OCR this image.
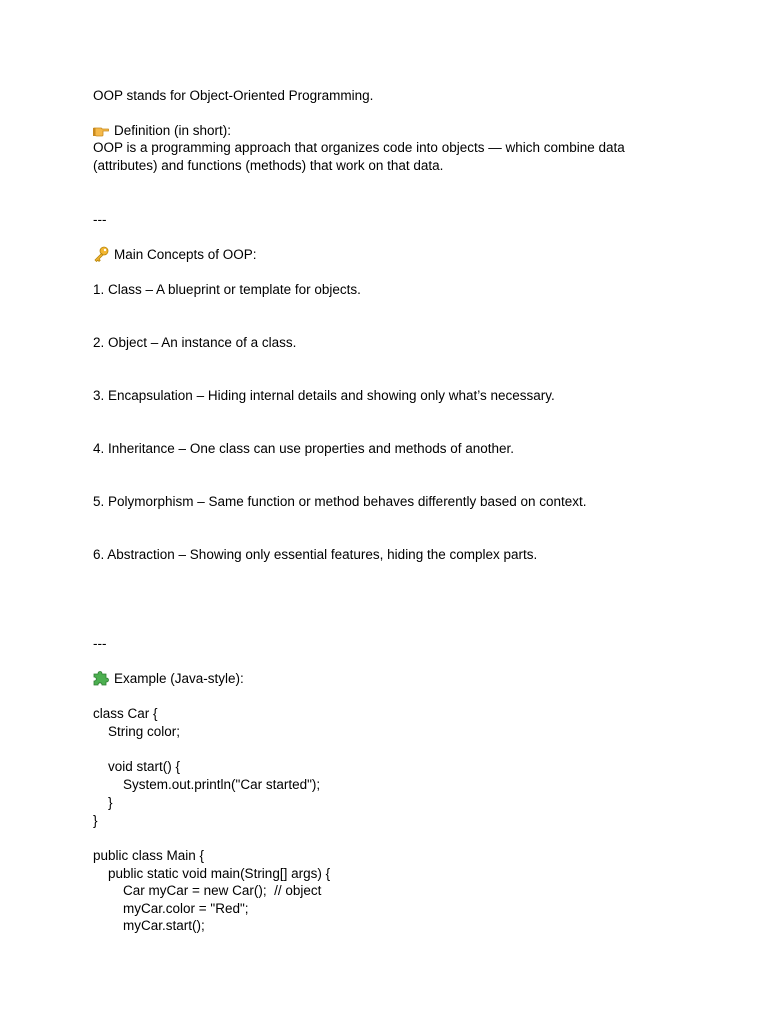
OOP stands for Object-Oriented Programming.

Definition (in short):

OOP is a programming approach that organizes code into objects — which combine data

(attributes) and functions (methods) that work on that data.

---

Main Concepts of OOP:

1. Class – A blueprint or template for objects.

2. Object – An instance of a class.

3. Encapsulation – Hiding internal details and showing only what’s necessary.

4. Inheritance – One class can use properties and methods of another.

5. Polymorphism – Same function or method behaves differently based on context.

6. Abstraction – Showing only essential features, hiding the complex parts.

---

Example (Java-style):

class Car {

String color;

void start() {

System.out.println("Car started");

}

}

public class Main {

public static void main(String[] args) {

Car myCar = new Car();  // object

myCar.color = "Red";

myCar.start();
